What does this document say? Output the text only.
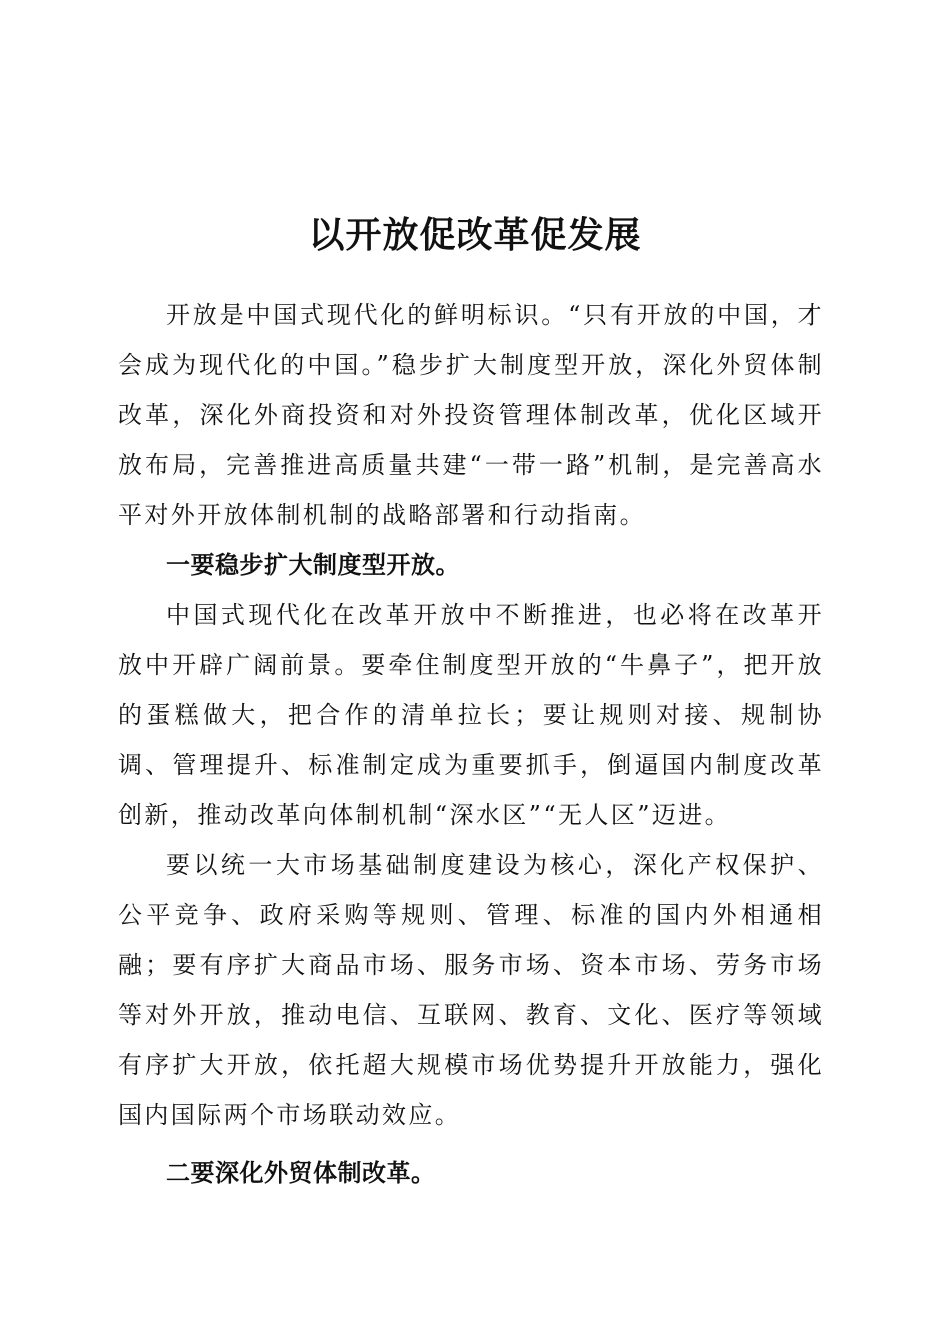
以开放促改革促发展

开放是中国式现代化的鲜明标识。“只有开放的中国，才会成为现代化的中国。”稳步扩大制度型开放，深化外贸体制改革，深化外商投资和对外投资管理体制改革，优化区域开放布局，完善推进高质量共建“一带一路”机制，是完善高水平对外开放体制机制的战略部署和行动指南。

一要稳步扩大制度型开放。

中国式现代化在改革开放中不断推进，也必将在改革开放中开辟广阔前景。要牵住制度型开放的“牛鼻子”，把开放的蛋糕做大，把合作的清单拉长；要让规则对接、规制协调、管理提升、标准制定成为重要抓手，倒逼国内制度改革创新，推动改革向体制机制“深水区”“无人区”迈进。

要以统一大市场基础制度建设为核心，深化产权保护、公平竞争、政府采购等规则、管理、标准的国内外相通相融；要有序扩大商品市场、服务市场、资本市场、劳务市场等对外开放，推动电信、互联网、教育、文化、医疗等领域有序扩大开放，依托超大规模市场优势提升开放能力，强化国内国际两个市场联动效应。

二要深化外贸体制改革。
